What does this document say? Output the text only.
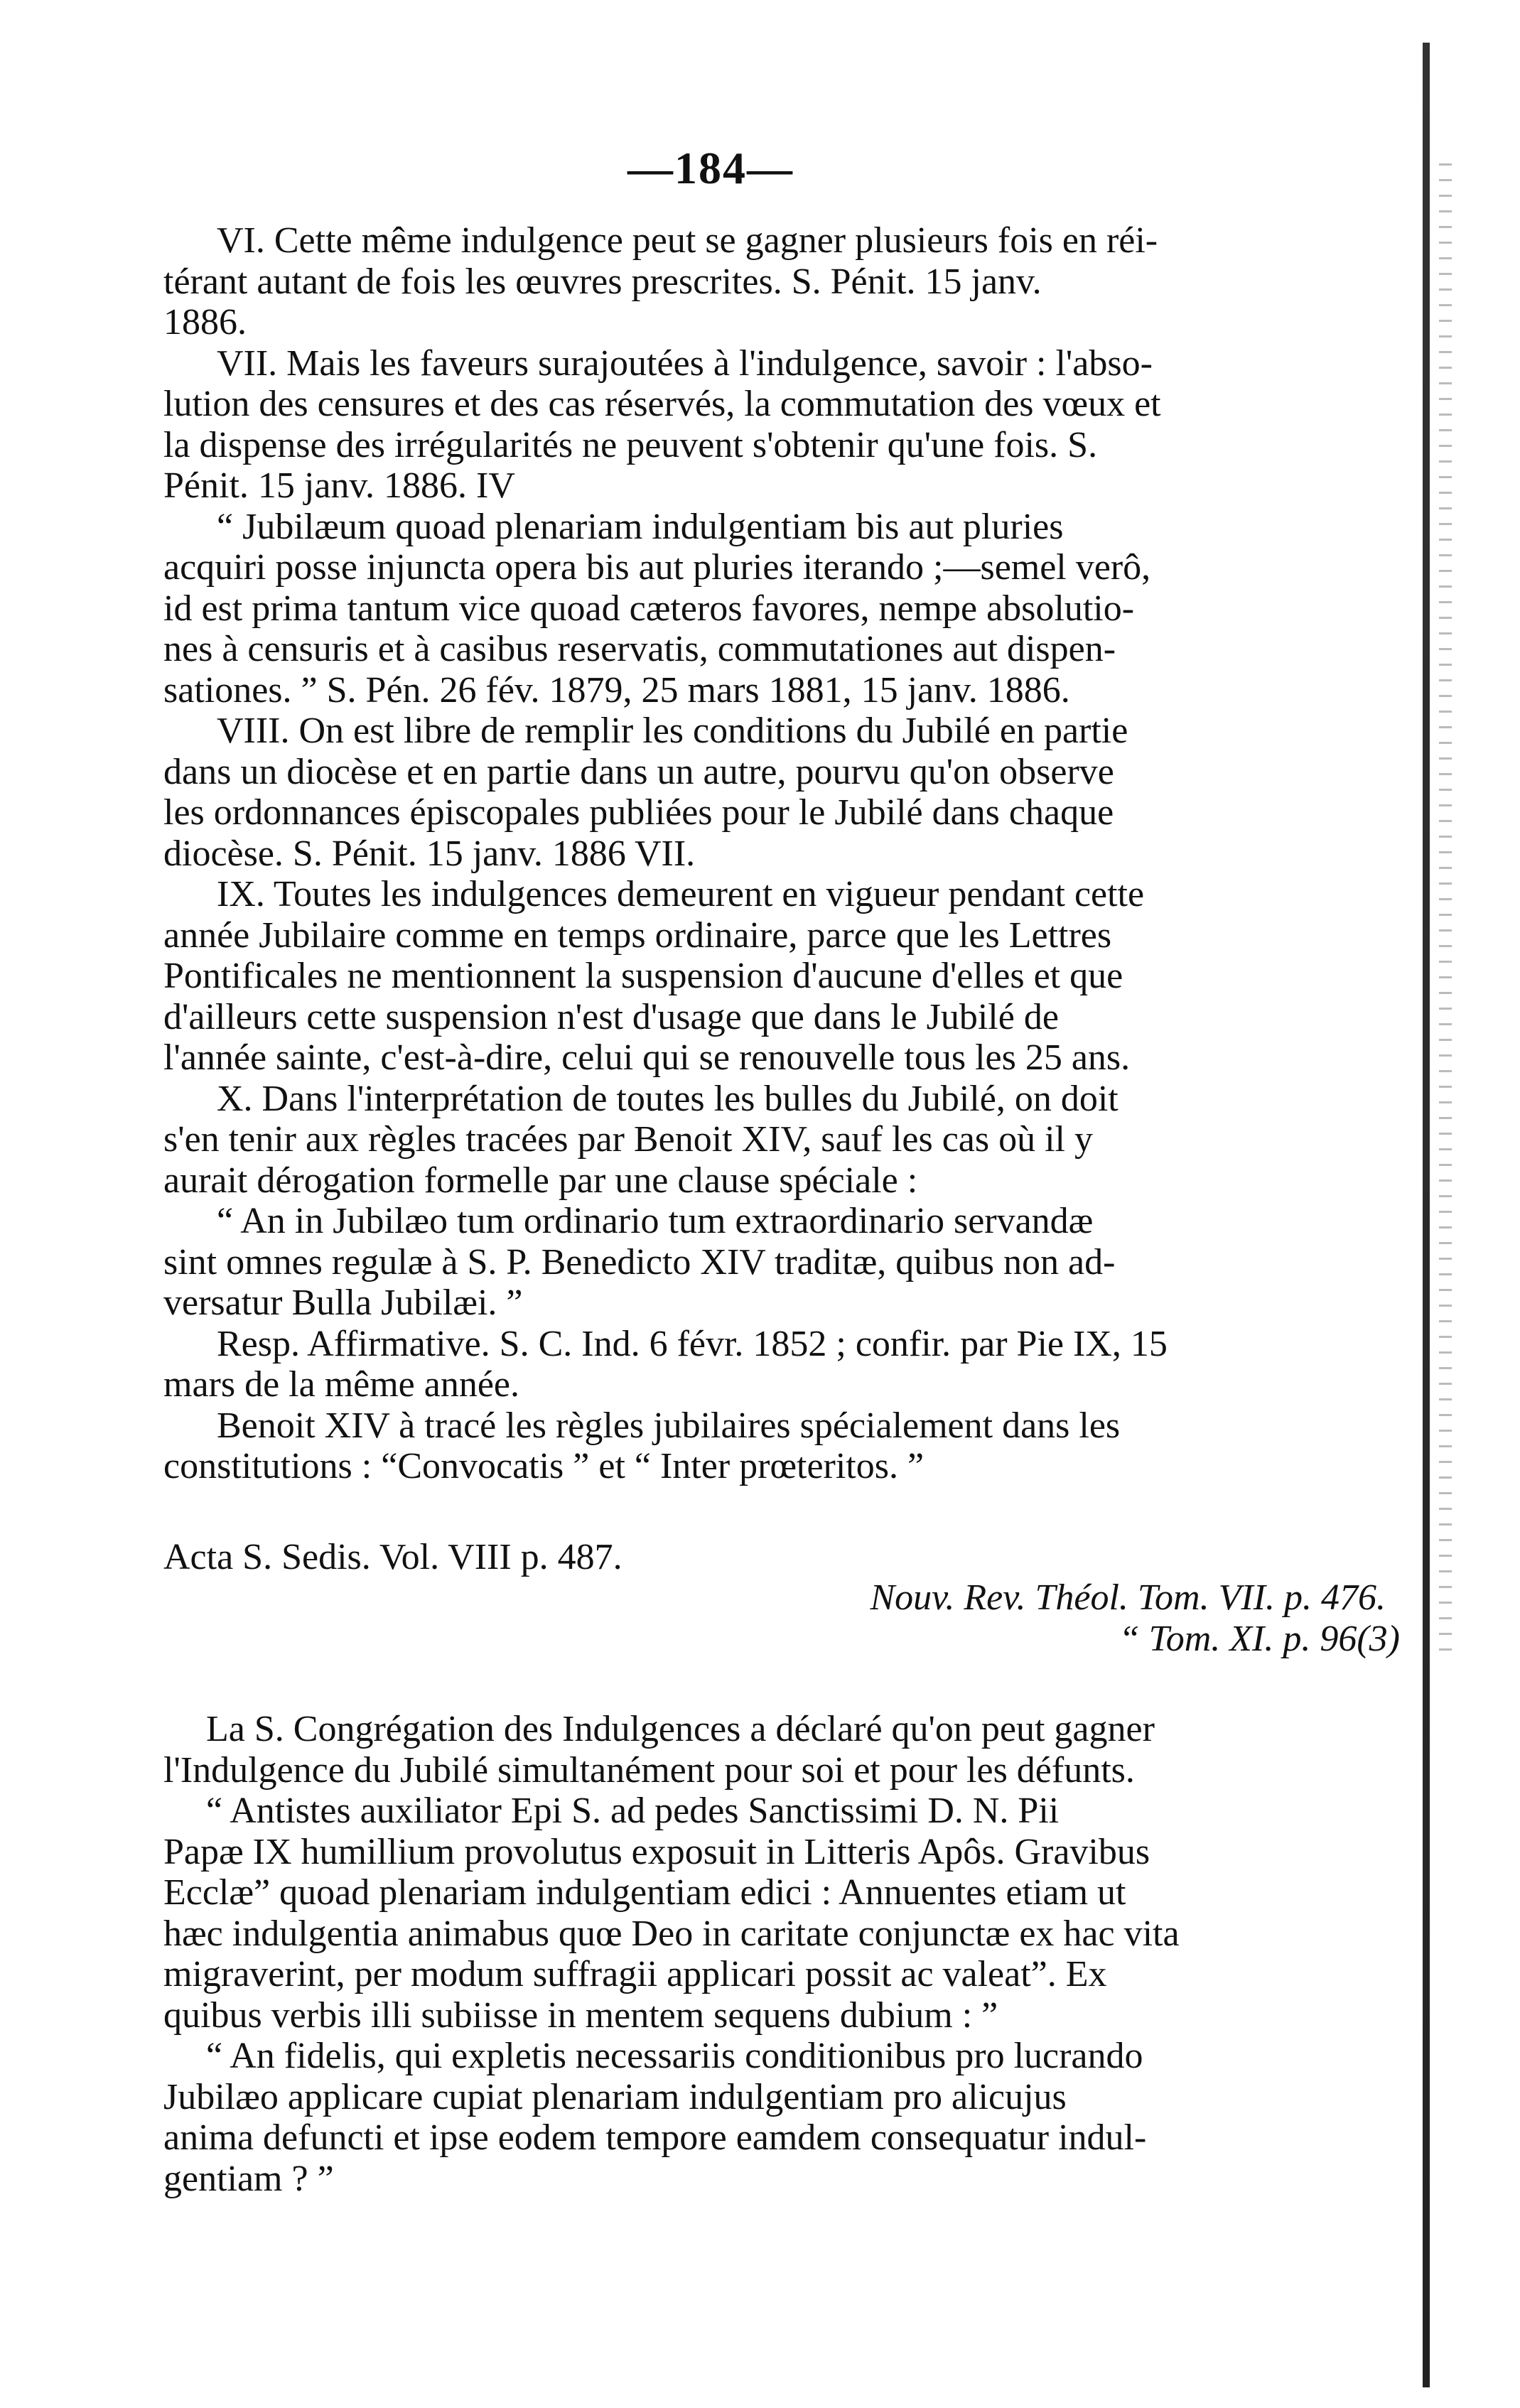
—184—
VI. Cette même indulgence peut se gagner plusieurs fois en réi-
térant autant de fois les œuvres prescrites. S. Pénit. 15 janv.
1886.
VII. Mais les faveurs surajoutées à l'indulgence, savoir : l'abso-
lution des censures et des cas réservés, la commutation des vœux et
la dispense des irrégularités ne peuvent s'obtenir qu'une fois. S.
Pénit. 15 janv. 1886. IV
“ Jubilæum quoad plenariam indulgentiam bis aut pluries
acquiri posse injuncta opera bis aut pluries iterando ;—semel verô,
id est prima tantum vice quoad cæteros favores, nempe absolutio-
nes à censuris et à casibus reservatis, commutationes aut dispen-
sationes. ” S. Pén. 26 fév. 1879, 25 mars 1881, 15 janv. 1886.
VIII. On est libre de remplir les conditions du Jubilé en partie
dans un diocèse et en partie dans un autre, pourvu qu'on observe
les ordonnances épiscopales publiées pour le Jubilé dans chaque
diocèse. S. Pénit. 15 janv. 1886 VII.
IX. Toutes les indulgences demeurent en vigueur pendant cette
année Jubilaire comme en temps ordinaire, parce que les Lettres
Pontificales ne mentionnent la suspension d'aucune d'elles et que
d'ailleurs cette suspension n'est d'usage que dans le Jubilé de
l'année sainte, c'est-à-dire, celui qui se renouvelle tous les 25 ans.
X. Dans l'interprétation de toutes les bulles du Jubilé, on doit
s'en tenir aux règles tracées par Benoit XIV, sauf les cas où il y
aurait dérogation formelle par une clause spéciale :
“ An in Jubilæo tum ordinario tum extraordinario servandæ
sint omnes regulæ à S. P. Benedicto XIV traditæ, quibus non ad-
versatur Bulla Jubilæi. ”
Resp. Affirmative. S. C. Ind. 6 févr. 1852 ; confir. par Pie IX, 15
mars de la même année.
Benoit XIV à tracé les règles jubilaires spécialement dans les
constitutions : “Convocatis ” et “ Inter prœteritos. ”
Acta S. Sedis. Vol. VIII p. 487.
Nouv. Rev. Théol. Tom. VII. p. 476.
“ Tom. XI. p. 96(3)
La S. Congrégation des Indulgences a déclaré qu'on peut gagner
l'Indulgence du Jubilé simultanément pour soi et pour les défunts.
“ Antistes auxiliator Epi S. ad pedes Sanctissimi D. N. Pii
Papæ IX humillium provolutus exposuit in Litteris Apôs. Gravibus
Ecclæ” quoad plenariam indulgentiam edici : Annuentes etiam ut
hæc indulgentia animabus quœ Deo in caritate conjunctæ ex hac vita
migraverint, per modum suffragii applicari possit ac valeat”. Ex
quibus verbis illi subiisse in mentem sequens dubium : ”
“ An fidelis, qui expletis necessariis conditionibus pro lucrando
Jubilæo applicare cupiat plenariam indulgentiam pro alicujus
anima defuncti et ipse eodem tempore eamdem consequatur indul-
gentiam ? ”
